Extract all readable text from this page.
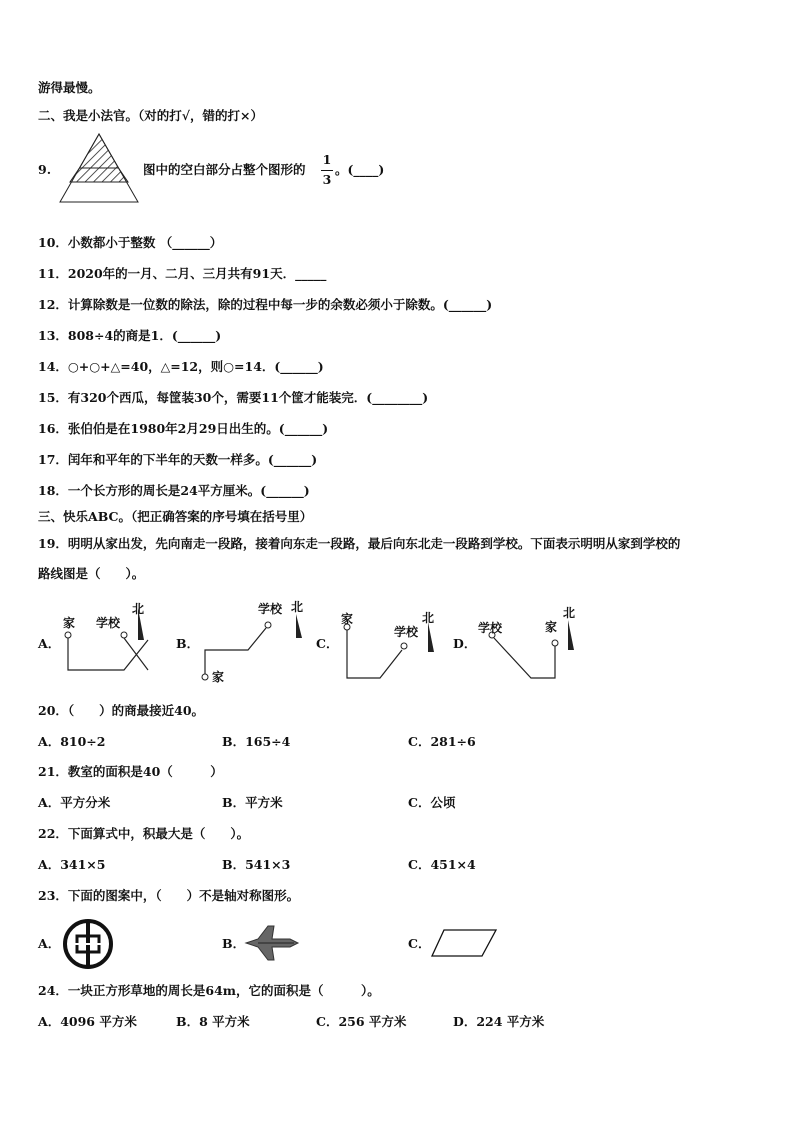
游得最慢。
二、我是小法官。（对的打√，错的打×）
9.	图中的空白部分占整个图形的
1
3
。(____)
10．小数都小于整数 （______）
11．2020年的一月、二月、三月共有91天．_____
12．计算除数是一位数的除法，除的过程中每一步的余数必须小于除数。(______)
13．808÷4的商是1．(______)
14．○+○+△=40，△=12，则○=14．(______)
15．有320个西瓜，每筐装30个，需要11个筐才能装完．(________)
16．张伯伯是在1980年2月29日出生的。(______)
17．闰年和平年的下半年的天数一样多。(______)
18．一个长方形的周长是24平方厘米。(______)
三、快乐ABC。（把正确答案的序号填在括号里）
19．明明从家出发，先向南走一段路，接着向东走一段路，最后向东北走一段路到学校。下面表示明明从家到学校的
路线图是（　　）。
A．	B．	C．	D．
家 学校
北
家
学校 北
家
学校
北
学校	家
北
20．（　　）的商最接近40。
A．810÷2	B．165÷4	C．281÷6
21．教室的面积是40（　　　）
A．平方分米	B．平方米	C．公顷
22．下面算式中，积最大是（　　）。
A．341×5	B．541×3	C．451×4
23．下面的图案中，（　　）不是轴对称图形。
A．	B．	C．
24．一块正方形草地的周长是64m，它的面积是（　　　）。
A．4096 平方米	B．8 平方米	C．256 平方米	D．224 平方米
